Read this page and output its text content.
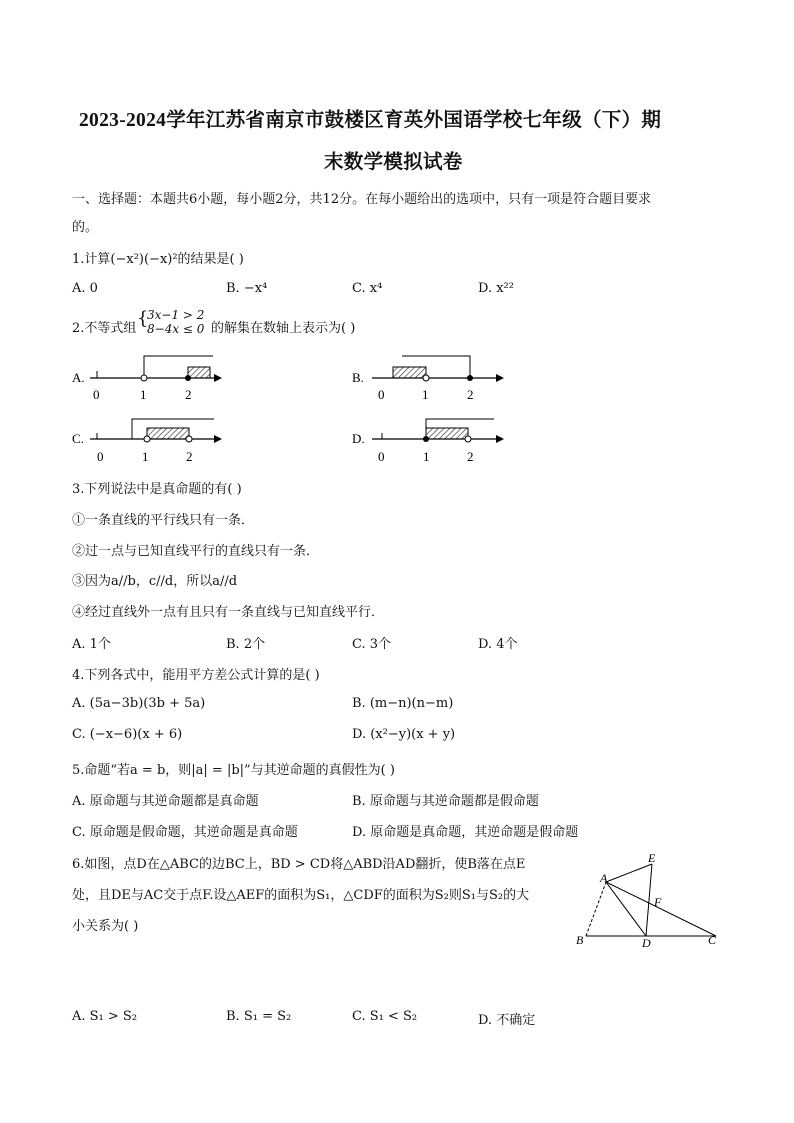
2023-2024学年江苏省南京市鼓楼区育英外国语学校七年级（下）期
末数学模拟试卷
一、选择题：本题共6小题，每小题2分，共12分。在每小题给出的选项中，只有一项是符合题目要求
的。
1.计算(−x²)(−x)²的结果是( )
A. 0	B. −x⁴	C. x⁴	D. x²²
2.不等式组 {
3x−1 > 2
8−4x ≤ 0 的解集在数轴上表示为( )
A.
0	1	2
B.
0	1	2
C.
0	1	2
D.
0	1	2
3.下列说法中是真命题的有( )
①一条直线的平行线只有一条．
②过一点与已知直线平行的直线只有一条．
③因为a//b，c//d，所以a//d
④经过直线外一点有且只有一条直线与已知直线平行．
A. 1个	B. 2个	C. 3个	D. 4个
4.下列各式中，能用平方差公式计算的是( )
A. (5a−3b)(3b + 5a)	B. (m−n)(n−m)
C. (−x−6)(x + 6)	D. (x²−y)(x + y)
5.命题“若a = b，则|a| = |b|”与其逆命题的真假性为( )
A. 原命题与其逆命题都是真命题	B. 原命题与其逆命题都是假命题
C. 原命题是假命题，其逆命题是真命题	D. 原命题是真命题，其逆命题是假命题
6.如图，点D在△ABC的边BC上，BD > CD将△ABD沿AD翻折，使B落在点E
处，且DE与AC交于点F.设△AEF的面积为S₁，△CDF的面积为S₂则S₁与S₂的大
小关系为( )
A
B	C
D
E
F
A. S₁ > S₂	B. S₁ = S₂	C. S₁ < S₂	D. 不确定
